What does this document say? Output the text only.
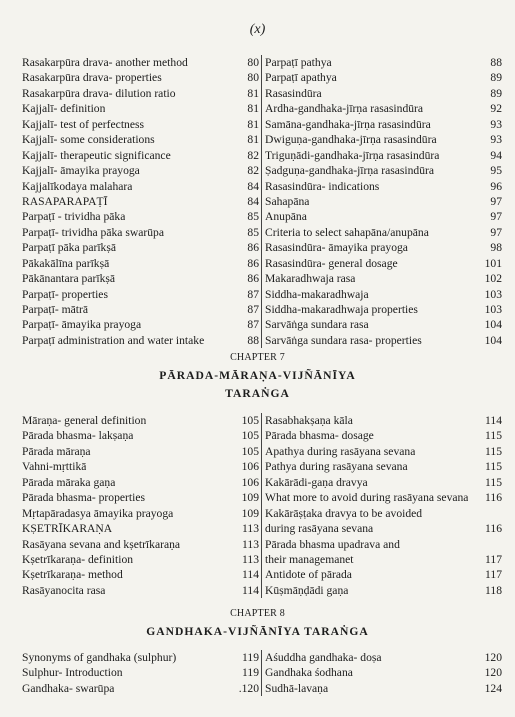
(x)
Rasakarpūra drava- another method	80 Parpaṭī pathya	88
Rasakarpūra drava- properties	80 Parpaṭī apathya	89
Rasakarpūra drava- dilution ratio	81 Rasasindūra	89
Kajjalī- definition	81 Ardha-gandhaka-jīrṇa rasasindūra	92
Kajjalī- test of perfectness	81 Samāna-gandhaka-jīrṇa rasasindūra	93
Kajjalī- some considerations	81 Dwiguṇa-gandhaka-jīrṇa rasasindūra	93
Kajjalī- therapeutic significance	82 Triguṇādi-gandhaka-jīrṇa rasasindūra	94
Kajjalī- āmayika prayoga	82 Ṣadguṇa-gandhaka-jīrṇa rasasindūra	95
Kajjalīkodaya malahara	84 Rasasindūra- indications	96
RASAPARAPAṬĪ	84 Sahapāna	97
Parpaṭī - trividha pāka	85 Anupāna	97
Parpaṭī- trividha pāka swarūpa	85 Criteria to select sahapāna/anupāna	97
Parpaṭī pāka parīkṣā	86 Rasasindūra- āmayika prayoga	98
Pākakālīna parīkṣā	86 Rasasindūra- general dosage	101
Pākānantara parīkṣā	86 Makaradhwaja rasa	102
Parpaṭī- properties	87 Siddha-makaradhwaja	103
Parpaṭī- mātrā	87 Siddha-makaradhwaja properties	103
Parpaṭī- āmayika prayoga	87 Sarvāṅga sundara rasa	104
Parpaṭī administration and water intake	88 Sarvāṅga sundara rasa- properties	104
CHAPTER 7
PĀRADA-MĀRAṆA-VIJÑĀNĪYA
TARAṄGA
Māraṇa- general definition	105 Rasabhakṣaṇa kāla	114
Pārada bhasma- lakṣaṇa	105 Pārada bhasma- dosage	115
Pārada māraṇa	105 Apathya during rasāyana sevana	115
Vahni-mṛttikā	106 Pathya during rasāyana sevana	115
Pārada māraka gaṇa	106 Kakārādi-gaṇa dravya	115
Pārada bhasma- properties	109 What more to avoid during rasāyana sevana	116
Mṛtapāradasya āmayika prayoga	109 Kakārāṣṭaka dravya to be avoided
KṢETRĪKARAṆA	113 during rasāyana sevana	116
Rasāyana sevana and kṣetrīkaraṇa	113 Pārada bhasma upadrava and
Kṣetrīkaraṇa- definition	113 their managemanet	117
Kṣetrīkaraṇa- method	114 Antidote of pārada	117
Rasāyanocita rasa	114 Kūṣmāṇḍādi gaṇa	118
CHAPTER 8
GANDHAKA-VIJÑĀNĪYA TARAṄGA
Synonyms of gandhaka (sulphur)	119 Aśuddha gandhaka- doṣa	120
Sulphur- Introduction	119 Gandhaka śodhana	120
Gandhaka- swarūpa	.120 Sudhā-lavaṇa	124
